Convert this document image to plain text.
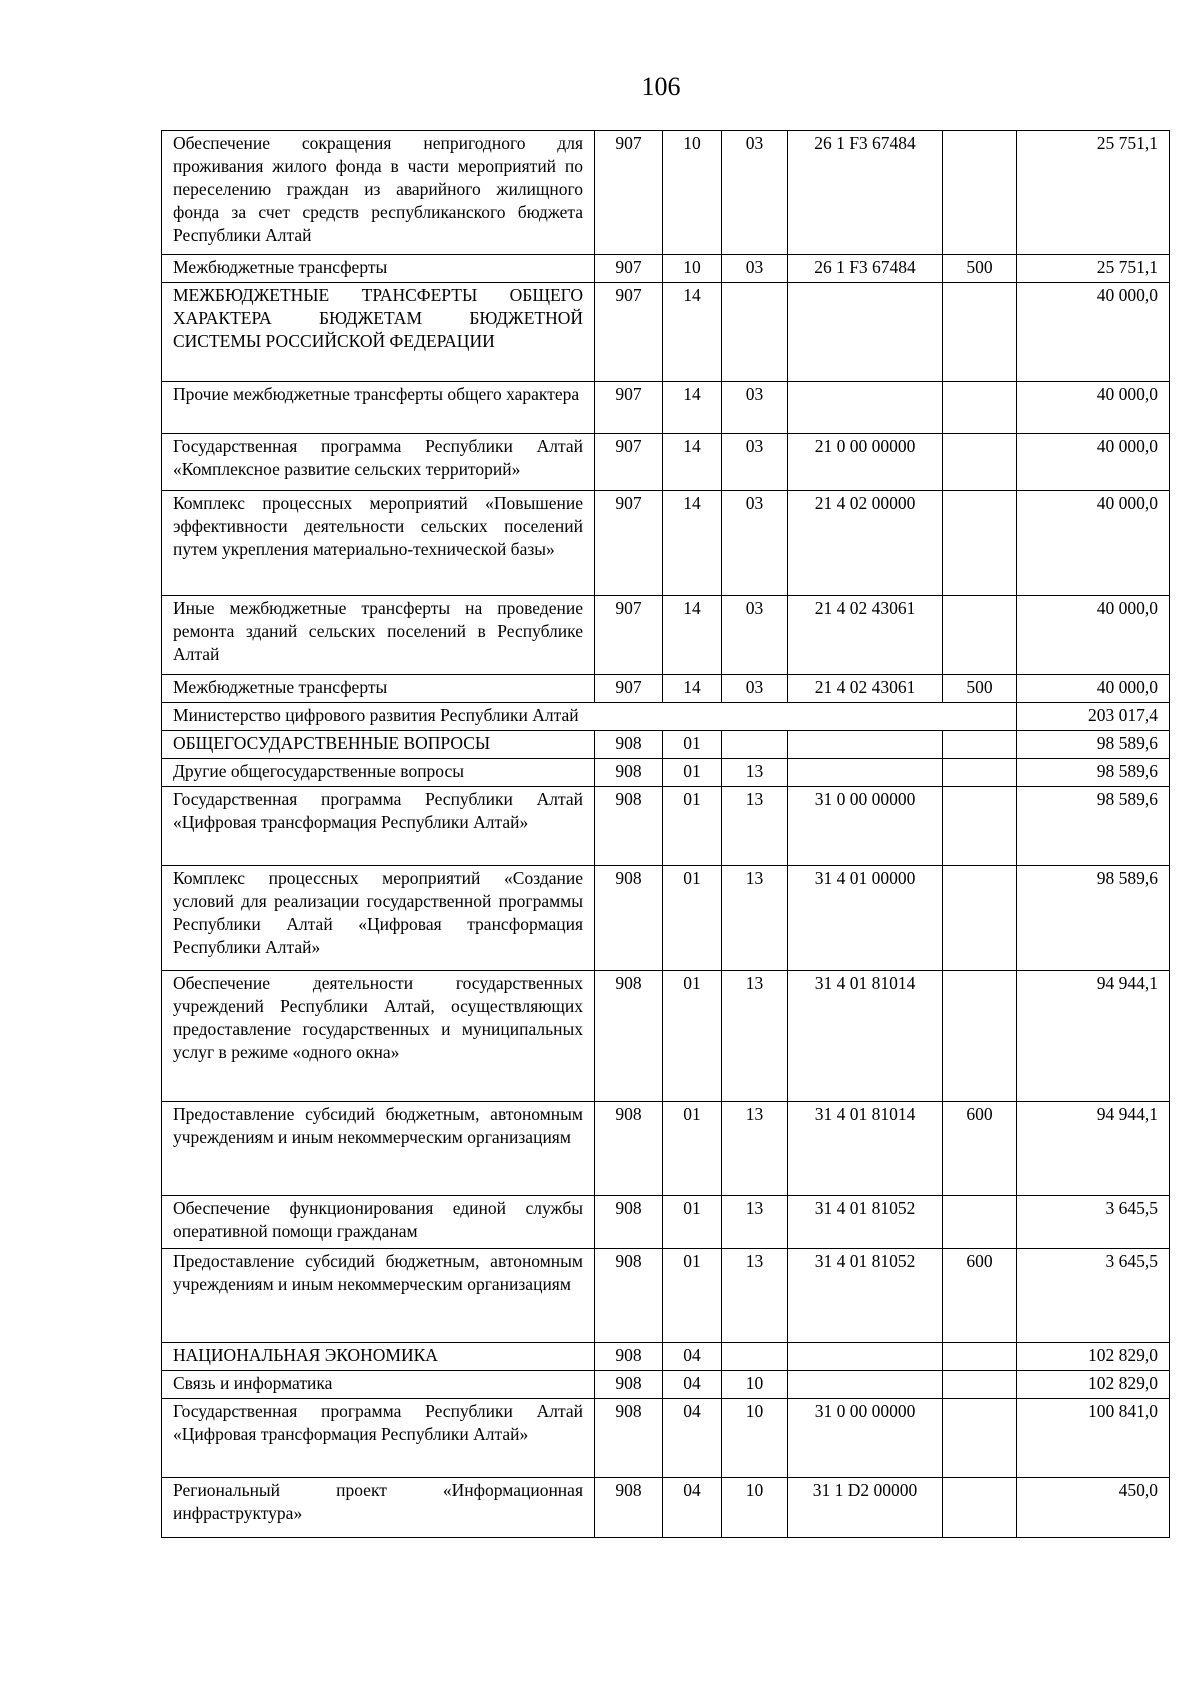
106
Обеспечение сокращения непригодного для проживания жилого фонда в части мероприятий по переселению граждан из аварийного жилищного фонда за счет средств республиканского бюджета Республики Алтай	907	10	03	26 1 F3 67484		25 751,1
Межбюджетные трансферты	907	10	03	26 1 F3 67484	500	25 751,1
МЕЖБЮДЖЕТНЫЕ ТРАНСФЕРТЫ ОБЩЕГО ХАРАКТЕРА БЮДЖЕТАМ БЮДЖЕТНОЙ СИСТЕМЫ РОССИЙСКОЙ ФЕДЕРАЦИИ	907	14				40 000,0
Прочие межбюджетные трансферты общего характера	907	14	03			40 000,0
Государственная программа Республики Алтай «Комплексное развитие сельских территорий»	907	14	03	21 0 00 00000		40 000,0
Комплекс процессных мероприятий «Повышение эффективности деятельности сельских поселений путем укрепления материально-технической базы»	907	14	03	21 4 02 00000		40 000,0
Иные межбюджетные трансферты на проведение ремонта зданий сельских поселений в Республике Алтай	907	14	03	21 4 02 43061		40 000,0
Межбюджетные трансферты	907	14	03	21 4 02 43061	500	40 000,0
Министерство цифрового развития Республики Алтай						203 017,4
ОБЩЕГОСУДАРСТВЕННЫЕ ВОПРОСЫ	908	01				98 589,6
Другие общегосударственные вопросы	908	01	13			98 589,6
Государственная программа Республики Алтай «Цифровая трансформация Республики Алтай»	908	01	13	31 0 00 00000		98 589,6
Комплекс процессных мероприятий «Создание условий для реализации государственной программы Республики Алтай «Цифровая трансформация Республики Алтай»	908	01	13	31 4 01 00000		98 589,6
Обеспечение деятельности государственных учреждений Республики Алтай, осуществляющих предоставление государственных и муниципальных услуг в режиме «одного окна»	908	01	13	31 4 01 81014		94 944,1
Предоставление субсидий бюджетным, автономным учреждениям и иным некоммерческим организациям	908	01	13	31 4 01 81014	600	94 944,1
Обеспечение функционирования единой службы оперативной помощи гражданам	908	01	13	31 4 01 81052		3 645,5
Предоставление субсидий бюджетным, автономным учреждениям и иным некоммерческим организациям	908	01	13	31 4 01 81052	600	3 645,5
НАЦИОНАЛЬНАЯ ЭКОНОМИКА	908	04				102 829,0
Связь и информатика	908	04	10			102 829,0
Государственная программа Республики Алтай «Цифровая трансформация Республики Алтай»	908	04	10	31 0 00 00000		100 841,0
Региональный проект «Информационная инфраструктура»	908	04	10	31 1 D2 00000		450,0
